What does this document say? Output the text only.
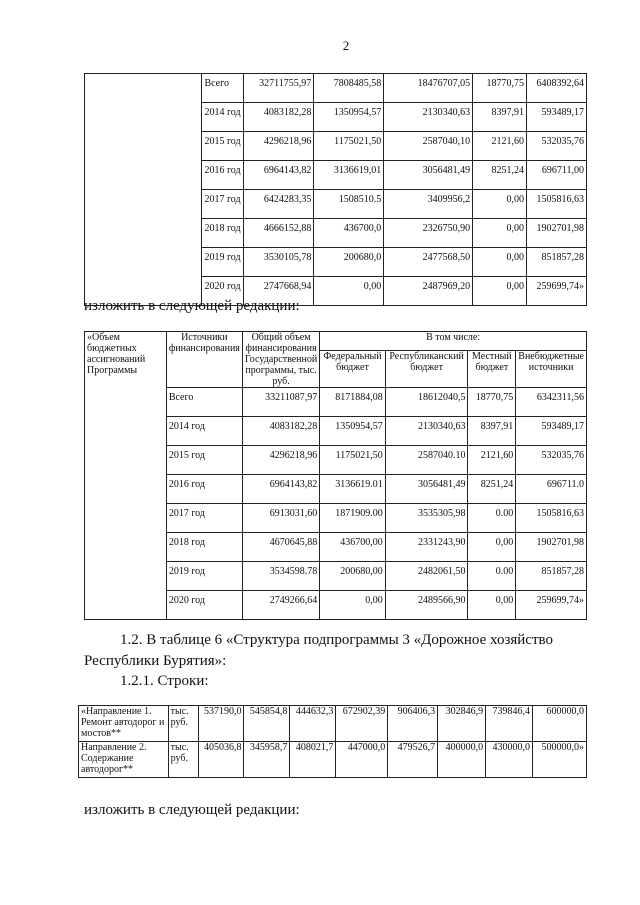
2
	Всего	32711755,97	7808485,58	18476707,05	18770,75	6408392,64
	2014 год	4083182,28	1350954,57	2130340,63	8397,91	593489,17
	2015 год	4296218,96	1175021,50	2587040,10	2121,60	532035,76
	2016 год	6964143,82	3136619,01	3056481,49	8251,24	696711,00
	2017 год	6424283,35	1508510.5	3409956,2	0,00	1505816,63
	2018 год	4666152,88	436700,0	2326750,90	0,00	1902701,98
	2019 год	3530105,78	200680,0	2477568,50	0,00	851857,28
	2020 год	2747668,94	0,00	2487969,20	0,00	259699,74»
изложить в следующей редакции:
«Объем бюджетных ассигнований Программы	Источники финансирования	Общий объем финансирования Государственной программы, тыс. руб.	В том числе:			
			Федеральный бюджет	Республиканский бюджет	Местный бюджет	Внебюджетные источники
	Всего	33211087,97	8171884,08	18612040,5	18770,75	6342311,56
	2014 год	4083182,28	1350954,57	2130340,63	8397,91	593489,17
	2015 год	4296218,96	1175021,50	2587040.10	2121,60	532035,76
	2016 год	6964143,82	3136619.01	3056481,49	8251,24	696711.0
	2017 год	6913031,60	1871909.00	3535305,98	0.00	1505816,63
	2018 год	4670645,88	436700,00	2331243,90	0,00	1902701,98
	2019 год	3534598.78	200680,00	2482061,50	0.00	851857,28
	2020 год	2749266,64	0,00	2489566,90	0,00	259699,74»
1.2. В таблице 6 «Структура подпрограммы 3 «Дорожное хозяйство
Республики Бурятия»:
1.2.1. Строки:
«Направление 1. Ремонт автодорог и мостов**	тыс. руб.	537190,0	545854,8	444632,3	672902,39	906406,3	302846,9	739846,4	600000,0
Направление 2. Содержание автодорог**	тыс. руб.	405036,8	345958,7	408021,7	447000,0	479526,7	400000,0	430000,0	500000,0»
изложить в следующей редакции:
